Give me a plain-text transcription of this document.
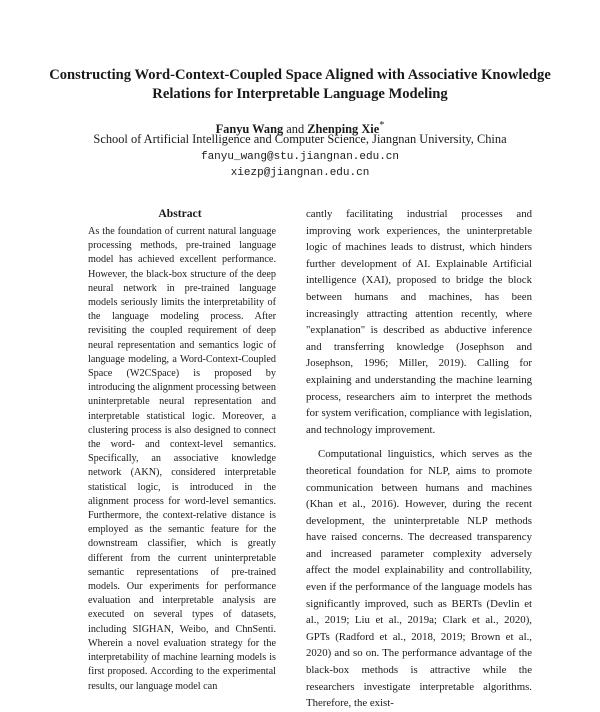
Constructing Word-Context-Coupled Space Aligned with Associative Knowledge Relations for Interpretable Language Modeling
Fanyu Wang and Zhenping Xie*
School of Artificial Intelligence and Computer Science, Jiangnan University, China
fanyu_wang@stu.jiangnan.edu.cn
xiezp@jiangnan.edu.cn
Abstract
As the foundation of current natural language processing methods, pre-trained language model has achieved excellent performance. However, the black-box structure of the deep neural network in pre-trained language models seriously limits the interpretability of the language modeling process. After revisiting the coupled requirement of deep neural representation and semantics logic of language modeling, a Word-Context-Coupled Space (W2CSpace) is proposed by introducing the alignment processing between uninterpretable neural representation and interpretable statistical logic. Moreover, a clustering process is also designed to connect the word- and context-level semantics. Specifically, an associative knowledge network (AKN), considered interpretable statistical logic, is introduced in the alignment process for word-level semantics. Furthermore, the context-relative distance is employed as the semantic feature for the downstream classifier, which is greatly different from the current uninterpretable semantic representations of pre-trained models. Our experiments for performance evaluation and interpretable analysis are executed on several types of datasets, including SIGHAN, Weibo, and ChnSenti. Wherein a novel evaluation strategy for the interpretability of machine learning models is first proposed. According to the experimental results, our language model can

cantly facilitating industrial processes and improving work experiences, the uninterpretable logic of machines leads to distrust, which hinders further development of AI. Explainable Artificial intelligence (XAI), proposed to bridge the block between humans and machines, has been increasingly attracting attention recently, where "explanation" is described as abductive inference and transferring knowledge (Josephson and Josephson, 1996; Miller, 2019). Calling for explaining and understanding the machine learning process, researchers aim to interpret the methods for system verification, compliance with legislation, and technology improvement.

Computational linguistics, which serves as the theoretical foundation for NLP, aims to promote communication between humans and machines (Khan et al., 2016). However, during the recent development, the uninterpretable NLP methods have raised concerns. The decreased transparency and increased parameter complexity adversely affect the model explainability and controllability, even if the performance of the language models has significantly improved, such as BERTs (Devlin et al., 2019; Liu et al., 2019a; Clark et al., 2020), GPTs (Radford et al., 2018, 2019; Brown et al., 2020) and so on. The performance advantage of the black-box methods is attractive while the researchers investigate interpretable algorithms. Therefore, the exist-
